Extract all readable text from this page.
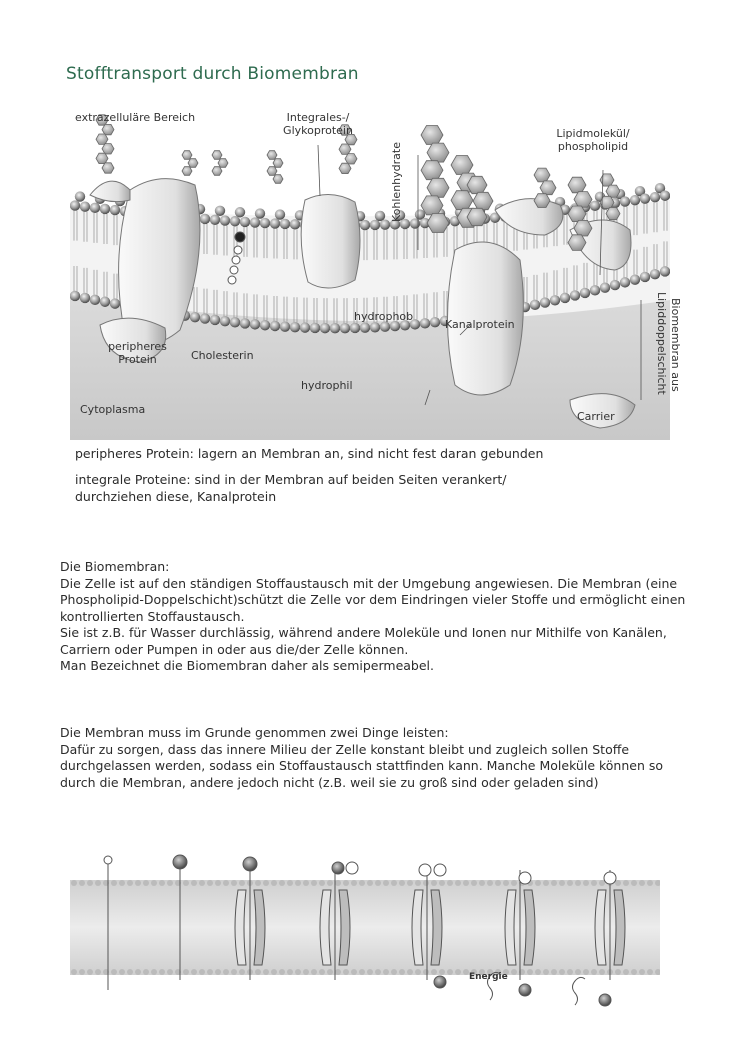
Stofftransport durch Biomembran
extrazelluläre Bereich	Integrales-/
Glykoprotein
Kohlenhydrate
Lipidmolekül/
phospholipid
Biomembran aus
Lipiddoppelschicht
hydrophob
Kanalprotein
peripheres
Protein	Cholesterin
hydrophil
Cytoplasma
Carrier
peripheres Protein: lagern an Membran an, sind nicht fest daran gebunden

integrale Proteine: sind in der Membran auf beiden Seiten verankert/

durchziehen diese, Kanalprotein

Die Biomembran:

Die Zelle ist auf den ständigen Stoffaustausch mit der Umgebung angewiesen. Die Membran (eine

Phospholipid-Doppelschicht)schützt die Zelle vor dem Eindringen vieler Stoffe und ermöglicht einen

kontrollierten Stoffaustausch.

Sie ist z.B. für Wasser durchlässig, während andere Moleküle und Ionen nur Mithilfe von Kanälen,

Carriern oder Pumpen in oder aus die/der Zelle können.

Man Bezeichnet die Biomembran daher als semipermeabel.

Die Membran muss im Grunde genommen zwei Dinge leisten:

Dafür zu sorgen, dass das innere Milieu der Zelle konstant bleibt und zugleich sollen Stoffe

durchgelassen werden, sodass ein Stoffaustausch stattfinden kann. Manche Moleküle können so

durch die Membran, andere jedoch nicht (z.B. weil sie zu groß sind oder geladen sind)

Energie
